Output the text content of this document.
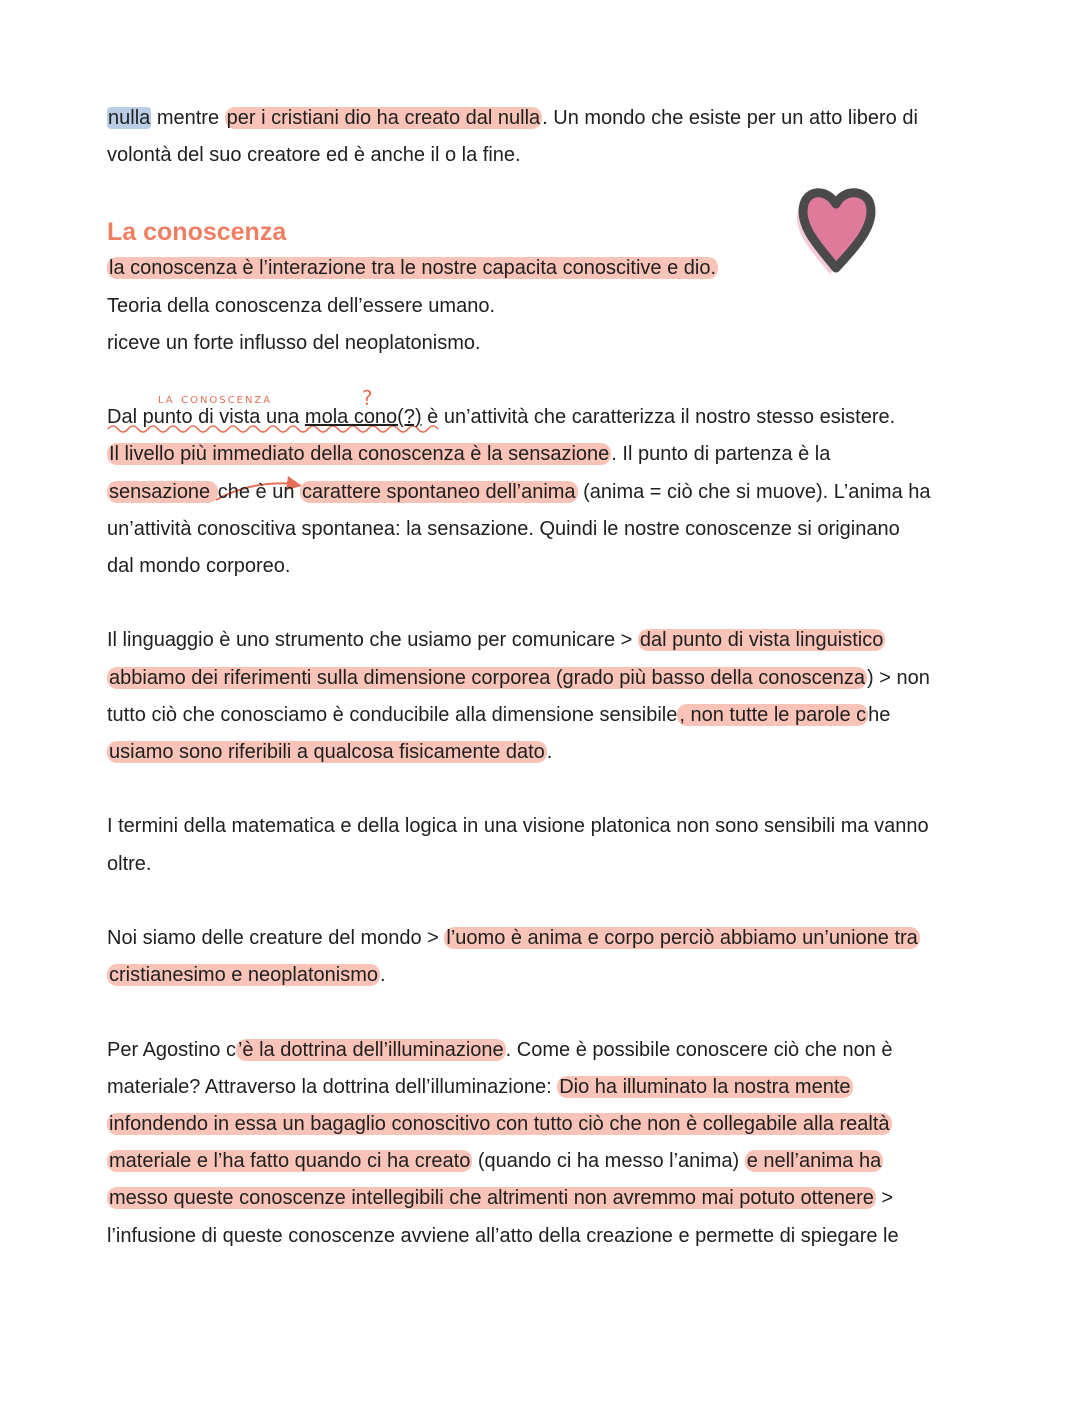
la conoscenza	?

nulla mentre per i cristiani dio ha creato dal nulla . Un mondo che esiste per un atto libero di
volontà del suo creatore ed è anche il o la fine.

La conoscenza

la conoscenza è l’interazione tra le nostre capacita conoscitive e dio.
Teoria della conoscenza dell’essere umano.
riceve un forte influsso del neoplatonismo.

Dal punto di vista una mola cono(?) è un’attività che caratterizza il nostro stesso esistere.
Il livello più immediato della conoscenza è la sensazione . Il punto di partenza è la
sensazione che è un carattere spontaneo dell’anima (anima = ciò che si muove). L’anima ha
un’attività conoscitiva spontanea: la sensazione. Quindi le nostre conoscenze si originano
dal mondo corporeo.

Il linguaggio è uno strumento che usiamo per comunicare > dal punto di vista linguistico
abbiamo dei riferimenti sulla dimensione corporea (grado più basso della conoscenza ) > non
tutto ciò che conosciamo è conducibile alla dimensione sensibile , non tutte le parole c he
usiamo sono riferibili a qualcosa fisicamente dato .

I termini della matematica e della logica in una visione platonica non sono sensibili ma vanno
oltre.

Noi siamo delle creature del mondo > l’uomo è anima e corpo perciò abbiamo un’unione tra
cristianesimo e neoplatonismo .

Per Agostino c ’è la dottrina dell’illuminazione . Come è possibile conoscere ciò che non è
materiale? Attraverso la dottrina dell’illuminazione: Dio ha illuminato la nostra mente
infondendo in essa un bagaglio conoscitivo con tutto ciò che non è collegabile alla realtà
materiale e l’ha fatto quando ci ha creato (quando ci ha messo l’anima) e nell’anima ha
messo queste conoscenze intellegibili che altrimenti non avremmo mai potuto ottenere >
l’infusione di queste conoscenze avviene all’atto della creazione e permette di spiegare le
